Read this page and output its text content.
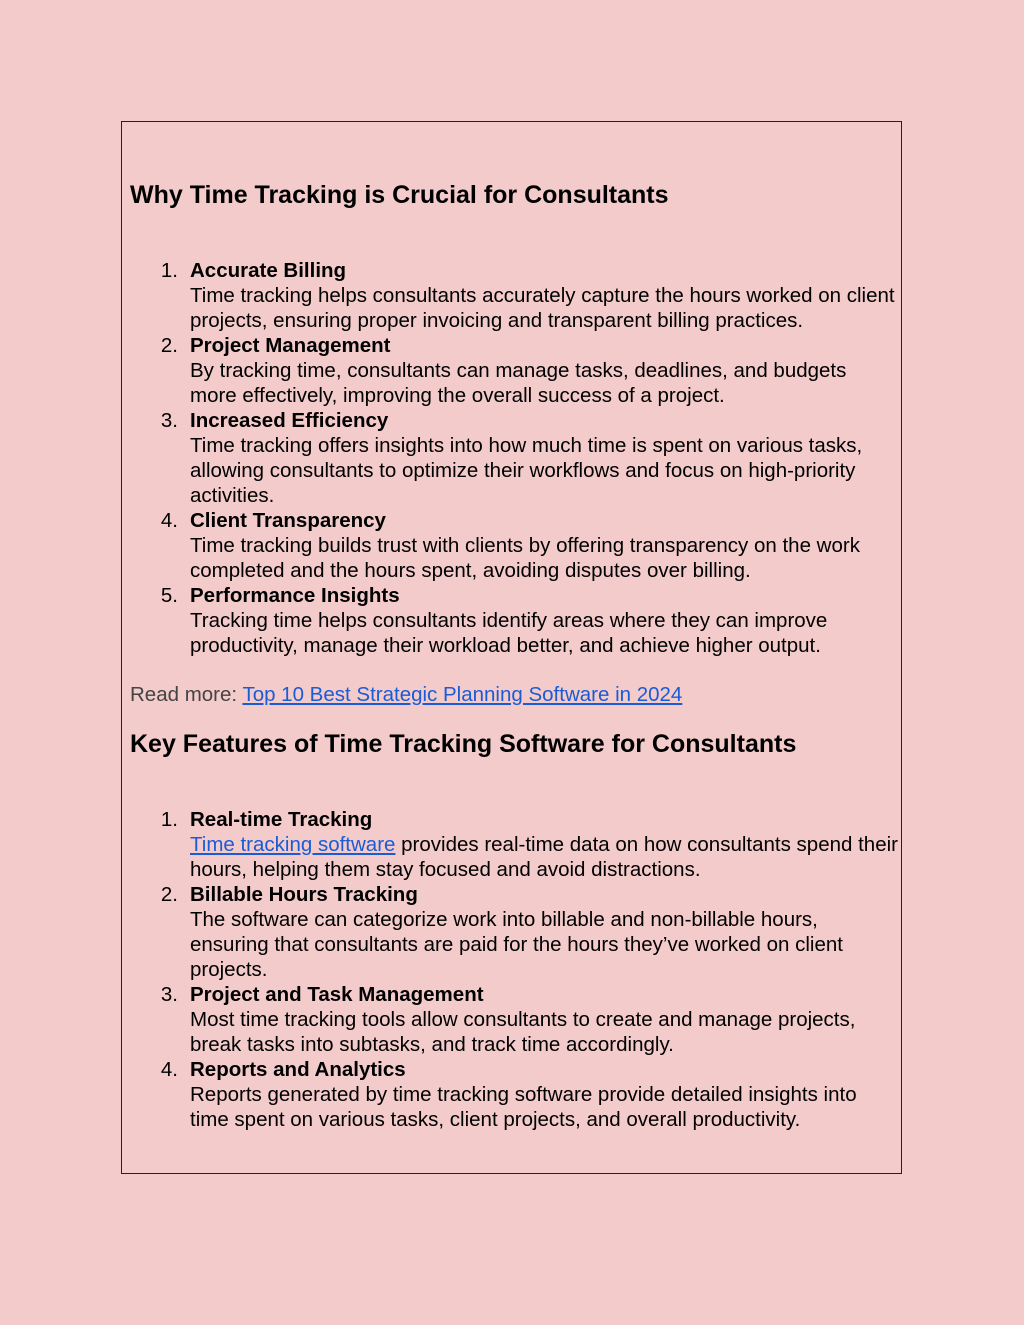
Why Time Tracking is Crucial for Consultants
1. Accurate Billing
Time tracking helps consultants accurately capture the hours worked on client projects, ensuring proper invoicing and transparent billing practices.
2. Project Management
By tracking time, consultants can manage tasks, deadlines, and budgets more effectively, improving the overall success of a project.
3. Increased Efficiency
Time tracking offers insights into how much time is spent on various tasks, allowing consultants to optimize their workflows and focus on high-priority activities.
4. Client Transparency
Time tracking builds trust with clients by offering transparency on the work completed and the hours spent, avoiding disputes over billing.
5. Performance Insights
Tracking time helps consultants identify areas where they can improve productivity, manage their workload better, and achieve higher output.
Read more: Top 10 Best Strategic Planning Software in 2024
Key Features of Time Tracking Software for Consultants
1. Real-time Tracking
Time tracking software provides real-time data on how consultants spend their hours, helping them stay focused and avoid distractions.
2. Billable Hours Tracking
The software can categorize work into billable and non-billable hours, ensuring that consultants are paid for the hours they’ve worked on client projects.
3. Project and Task Management
Most time tracking tools allow consultants to create and manage projects, break tasks into subtasks, and track time accordingly.
4. Reports and Analytics
Reports generated by time tracking software provide detailed insights into time spent on various tasks, client projects, and overall productivity.
